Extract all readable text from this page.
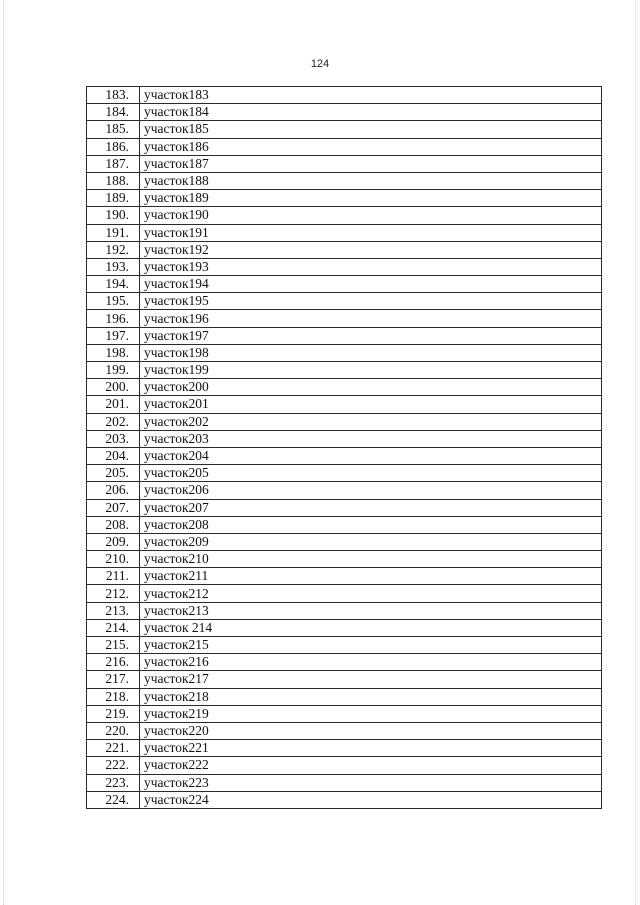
124
183.	участок183
184.	участок184
185.	участок185
186.	участок186
187.	участок187
188.	участок188
189.	участок189
190.	участок190
191.	участок191
192.	участок192
193.	участок193
194.	участок194
195.	участок195
196.	участок196
197.	участок197
198.	участок198
199.	участок199
200.	участок200
201.	участок201
202.	участок202
203.	участок203
204.	участок204
205.	участок205
206.	участок206
207.	участок207
208.	участок208
209.	участок209
210.	участок210
211.	участок211
212.	участок212
213.	участок213
214.	участок 214
215.	участок215
216.	участок216
217.	участок217
218.	участок218
219.	участок219
220.	участок220
221.	участок221
222.	участок222
223.	участок223
224.	участок224
